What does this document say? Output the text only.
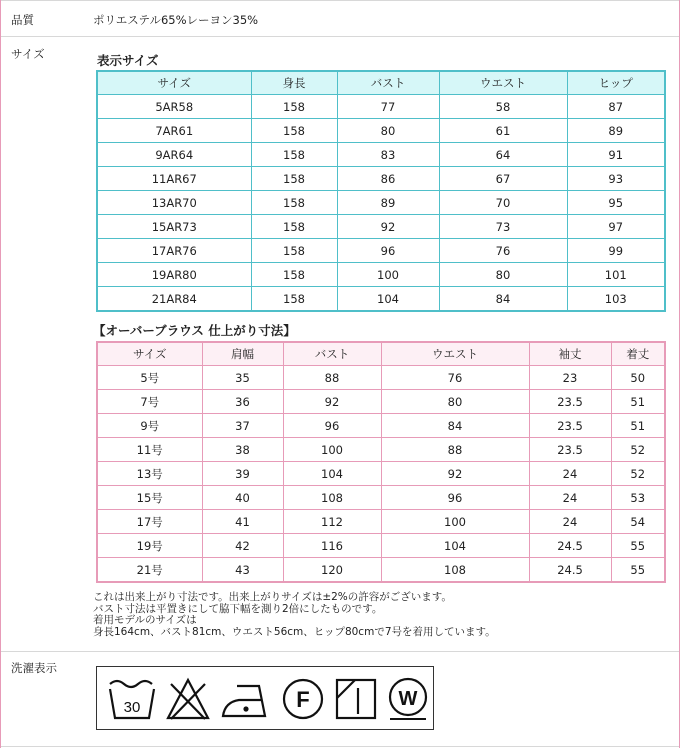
品質	ポリエステル65%レーヨン35%
サイズ	表示サイズ
サイズ	身長	バスト	ウエスト	ヒップ
5AR58	158	77	58	87
7AR61	158	80	61	89
9AR64	158	83	64	91
11AR67	158	86	67	93
13AR70	158	89	70	95
15AR73	158	92	73	97
17AR76	158	96	76	99
19AR80	158	100	80	101
21AR84	158	104	84	103
【オーバーブラウス 仕上がり寸法】
サイズ	肩幅	バスト	ウエスト	袖丈	着丈
5号	35	88	76	23	50
7号	36	92	80	23.5	51
9号	37	96	84	23.5	51
11号	38	100	88	23.5	52
13号	39	104	92	24	52
15号	40	108	96	24	53
17号	41	112	100	24	54
19号	42	116	104	24.5	55
21号	43	120	108	24.5	55
これは出来上がり寸法です。出来上がりサイズは±2%の許容がございます。
バスト寸法は平置きにして脇下幅を測り2倍にしたものです。
着用モデルのサイズは
身長164cm、バスト81cm、ウエスト56cm、ヒップ80cmで7号を着用しています。
洗濯表示
30	F	W
